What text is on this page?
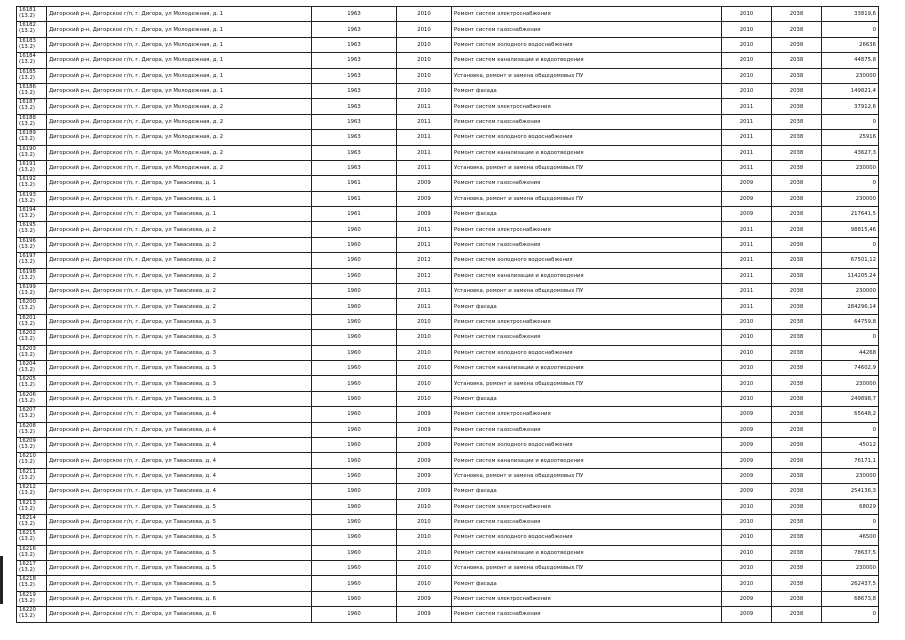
16181
(13.2)	Дигорский р-н, Дигорское г/п, г. Дигора, ул Молодежная, д. 1	1963	2010	Ремонт систем электроснабжения	2010	2038	33819,6

16182
(13.2)	Дигорский р-н, Дигорское г/п, г. Дигора, ул Молодежная, д. 1	1963	2010	Ремонт систем газоснабжения	2010	2038	0

16183
(13.2)	Дигорский р-н, Дигорское г/п, г. Дигора, ул Молодежная, д. 1	1963	2010	Ремонт систем холодного водоснабжения	2010	2038	26636

16184
(13.2)	Дигорский р-н, Дигорское г/п, г. Дигора, ул Молодежная, д. 1	1963	2010	Ремонт систем канализации и водоотведения	2010	2038	44875,8

16185
(13.2)	Дигорский р-н, Дигорское г/п, г. Дигора, ул Молодежная, д. 1	1963	2010	Установка, ремонт и замена общедомовых ПУ	2010	2038	230000

16186
(13.2)	Дигорский р-н, Дигорское г/п, г. Дигора, ул Молодежная, д. 1	1963	2010	Ремонт фасада	2010	2038	149821,4

16187
(13.2)	Дигорский р-н, Дигорское г/п, г. Дигора, ул Молодежная, д. 2	1963	2011	Ремонт систем электроснабжения	2011	2038	37912,6

16188
(13.2)	Дигорский р-н, Дигорское г/п, г. Дигора, ул Молодежная, д. 2	1963	2011	Ремонт систем газоснабжения	2011	2038	0

16189
(13.2)	Дигорский р-н, Дигорское г/п, г. Дигора, ул Молодежная, д. 2	1963	2011	Ремонт систем холодного водоснабжения	2011	2038	25916

16190
(13.2)	Дигорский р-н, Дигорское г/п, г. Дигора, ул Молодежная, д. 2	1963	2011	Ремонт систем канализации и водоотведения	2011	2038	43627,3

16191
(13.2)	Дигорский р-н, Дигорское г/п, г. Дигора, ул Молодежная, д. 2	1963	2011	Установка, ремонт и замена общедомовых ПУ	2011	2038	230000

16192
(13.2)	Дигорский р-н, Дигорское г/п, г. Дигора, ул Тавасиева, д. 1	1961	2009	Ремонт систем газоснабжения	2009	2038	0

16193
(13.2)	Дигорский р-н, Дигорское г/п, г. Дигора, ул Тавасиева, д. 1	1961	2009	Установка, ремонт и замена общедомовых ПУ	2009	2038	230000

16194
(13.2)	Дигорский р-н, Дигорское г/п, г. Дигора, ул Тавасиева, д. 1	1961	2009	Ремонт фасада	2009	2038	217641,5

16195
(13.2)	Дигорский р-н, Дигорское г/п, г. Дигора, ул Тавасиева, д. 2	1960	2011	Ремонт систем электроснабжения	2011	2038	98815,46

16196
(13.2)	Дигорский р-н, Дигорское г/п, г. Дигора, ул Тавасиева, д. 2	1960	2011	Ремонт систем газоснабжения	2011	2038	0

16197
(13.2)	Дигорский р-н, Дигорское г/п, г. Дигора, ул Тавасиева, д. 2	1960	2011	Ремонт систем холодного водоснабжения	2011	2038	67501,12

16198
(13.2)	Дигорский р-н, Дигорское г/п, г. Дигора, ул Тавасиева, д. 2	1960	2011	Ремонт систем канализации и водоотведения	2011	2038	114205,24

16199
(13.2)	Дигорский р-н, Дигорское г/п, г. Дигора, ул Тавасиева, д. 2	1960	2011	Установка, ремонт и замена общедомовых ПУ	2011	2038	230000

16200
(13.2)	Дигорский р-н, Дигорское г/п, г. Дигора, ул Тавасиева, д. 2	1960	2011	Ремонт фасада	2011	2038	284296,14

16201
(13.2)	Дигорский р-н, Дигорское г/п, г. Дигора, ул Тавасиева, д. 3	1960	2010	Ремонт систем электроснабжения	2010	2038	64759,8

16202
(13.2)	Дигорский р-н, Дигорское г/п, г. Дигора, ул Тавасиева, д. 3	1960	2010	Ремонт систем газоснабжения	2010	2038	0

16203
(13.2)	Дигорский р-н, Дигорское г/п, г. Дигора, ул Тавасиева, д. 3	1960	2010	Ремонт систем холодного водоснабжения	2010	2038	44268

16204
(13.2)	Дигорский р-н, Дигорское г/п, г. Дигора, ул Тавасиева, д. 3	1960	2010	Ремонт систем канализации и водоотведения	2010	2038	74602,9

16205
(13.2)	Дигорский р-н, Дигорское г/п, г. Дигора, ул Тавасиева, д. 3	1960	2010	Установка, ремонт и замена общедомовых ПУ	2010	2038	230000

16206
(13.2)	Дигорский р-н, Дигорское г/п, г. Дигора, ул Тавасиева, д. 3	1960	2010	Ремонт фасада	2010	2038	249898,7

16207
(13.2)	Дигорский р-н, Дигорское г/п, г. Дигора, ул Тавасиева, д. 4	1960	2009	Ремонт систем электроснабжения	2009	2038	65648,2

16208
(13.2)	Дигорский р-н, Дигорское г/п, г. Дигора, ул Тавасиева, д. 4	1960	2009	Ремонт систем газоснабжения	2009	2038	0

16209
(13.2)	Дигорский р-н, Дигорское г/п, г. Дигора, ул Тавасиева, д. 4	1960	2009	Ремонт систем холодного водоснабжения	2009	2038	45012

16210
(13.2)	Дигорский р-н, Дигорское г/п, г. Дигора, ул Тавасиева, д. 4	1960	2009	Ремонт систем канализации и водоотведения	2009	2038	76171,1

16211
(13.2)	Дигорский р-н, Дигорское г/п, г. Дигора, ул Тавасиева, д. 4	1960	2009	Установка, ремонт и замена общедомовых ПУ	2009	2038	230000

16212
(13.2)	Дигорский р-н, Дигорское г/п, г. Дигора, ул Тавасиева, д. 4	1960	2009	Ремонт фасада	2009	2038	254136,3

16213
(13.2)	Дигорский р-н, Дигорское г/п, г. Дигора, ул Тавасиева, д. 5	1960	2010	Ремонт систем электроснабжения	2010	2038	68029

16214
(13.2)	Дигорский р-н, Дигорское г/п, г. Дигора, ул Тавасиева, д. 5	1960	2010	Ремонт систем газоснабжения	2010	2038	0

16215
(13.2)	Дигорский р-н, Дигорское г/п, г. Дигора, ул Тавасиева, д. 5	1960	2010	Ремонт систем холодного водоснабжения	2010	2038	46500

16216
(13.2)	Дигорский р-н, Дигорское г/п, г. Дигора, ул Тавасиева, д. 5	1960	2010	Ремонт систем канализации и водоотведения	2010	2038	78637,5

16217
(13.2)	Дигорский р-н, Дигорское г/п, г. Дигора, ул Тавасиева, д. 5	1960	2010	Установка, ремонт и замена общедомовых ПУ	2010	2038	230000

16218
(13.2)	Дигорский р-н, Дигорское г/п, г. Дигора, ул Тавасиева, д. 5	1960	2010	Ремонт фасада	2010	2038	262437,5

16219
(13.2)	Дигорский р-н, Дигорское г/п, г. Дигора, ул Тавасиева, д. 6	1960	2009	Ремонт систем электроснабжения	2009	2038	68673,8

16220
(13.2)	Дигорский р-н, Дигорское г/п, г. Дигора, ул Тавасиева, д. 6	1960	2009	Ремонт систем газоснабжения	2009	2038	0
